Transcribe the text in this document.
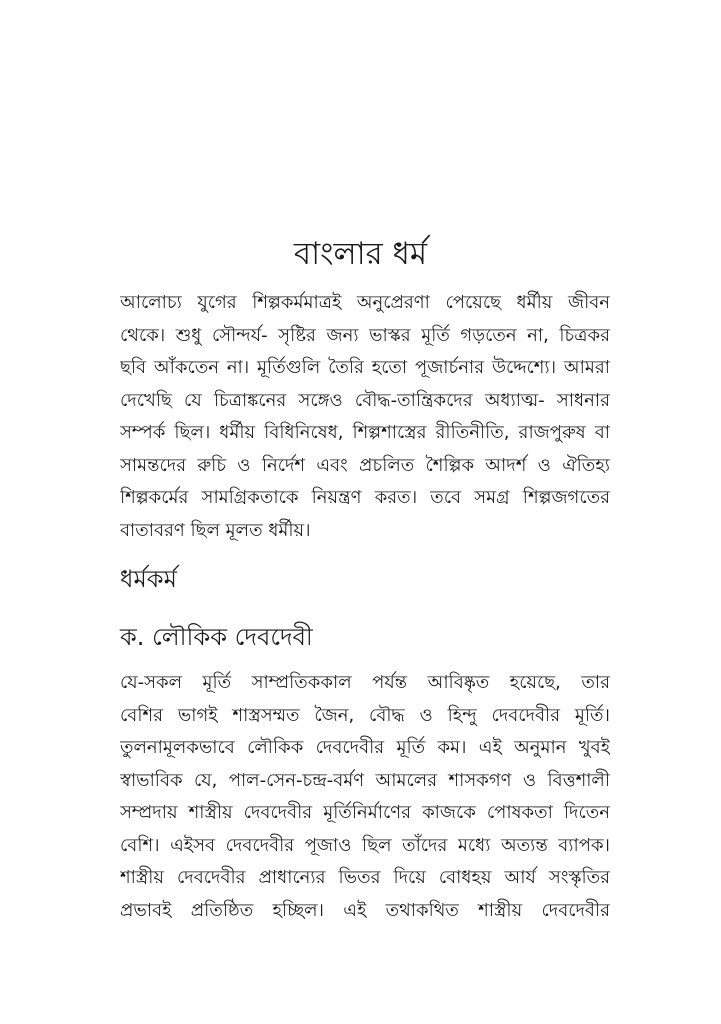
বাংলার ধর্ম
আলোচ্য যুগের শিল্পকর্মমাত্রই অনুপ্রেরণা পেয়েছে ধর্মীয় জীবন
থেকে। শুধু সৌন্দর্য- সৃষ্টির জন্য ভাস্কর মূর্তি গড়তেন না, চিত্রকর
ছবি আঁকতেন না। মূর্তিগুলি তৈরি হতো পূজার্চনার উদ্দেশ্যে। আমরা
দেখেছি যে চিত্রাঙ্কনের সঙ্গেও বৌদ্ধ-তান্ত্রিকদের অধ্যাত্ম- সাধনার
সম্পর্ক ছিল। ধর্মীয় বিধিনিষেধ, শিল্পশাস্ত্রের রীতিনীতি, রাজপুরুষ বা
সামন্তদের রুচি ও নির্দেশ এবং প্রচলিত শৈল্পিক আদর্শ ও ঐতিহ্য
শিল্পকর্মের সামগ্রিকতাকে নিয়ন্ত্রণ করত। তবে সমগ্র শিল্পজগতের
বাতাবরণ ছিল মূলত ধর্মীয়।
ধর্মকর্ম
ক. লৌকিক দেবদেবী
যে-সকল মূর্তি সাম্প্রতিককাল পর্যন্ত আবিষ্কৃত হয়েছে, তার
বেশির ভাগই শাস্ত্রসম্মত জৈন, বৌদ্ধ ও হিন্দু দেবদেবীর মূর্তি।
তুলনামূলকভাবে লৌকিক দেবদেবীর মূর্তি কম। এই অনুমান খুবই
স্বাভাবিক যে, পাল-সেন-চন্দ্র-বর্মণ আমলের শাসকগণ ও বিত্তশালী
সম্প্রদায় শাস্ত্রীয় দেবদেবীর মূর্তিনির্মাণের কাজকে পোষকতা দিতেন
বেশি। এইসব দেবদেবীর পূজাও ছিল তাঁদের মধ্যে অত্যন্ত ব্যাপক।
শাস্ত্রীয় দেবদেবীর প্রাধান্যের ভিতর দিয়ে বোধহয় আর্য সংস্কৃতির
প্রভাবই প্রতিষ্ঠিত হচ্ছিল। এই তথাকথিত শাস্ত্রীয় দেবদেবীর
